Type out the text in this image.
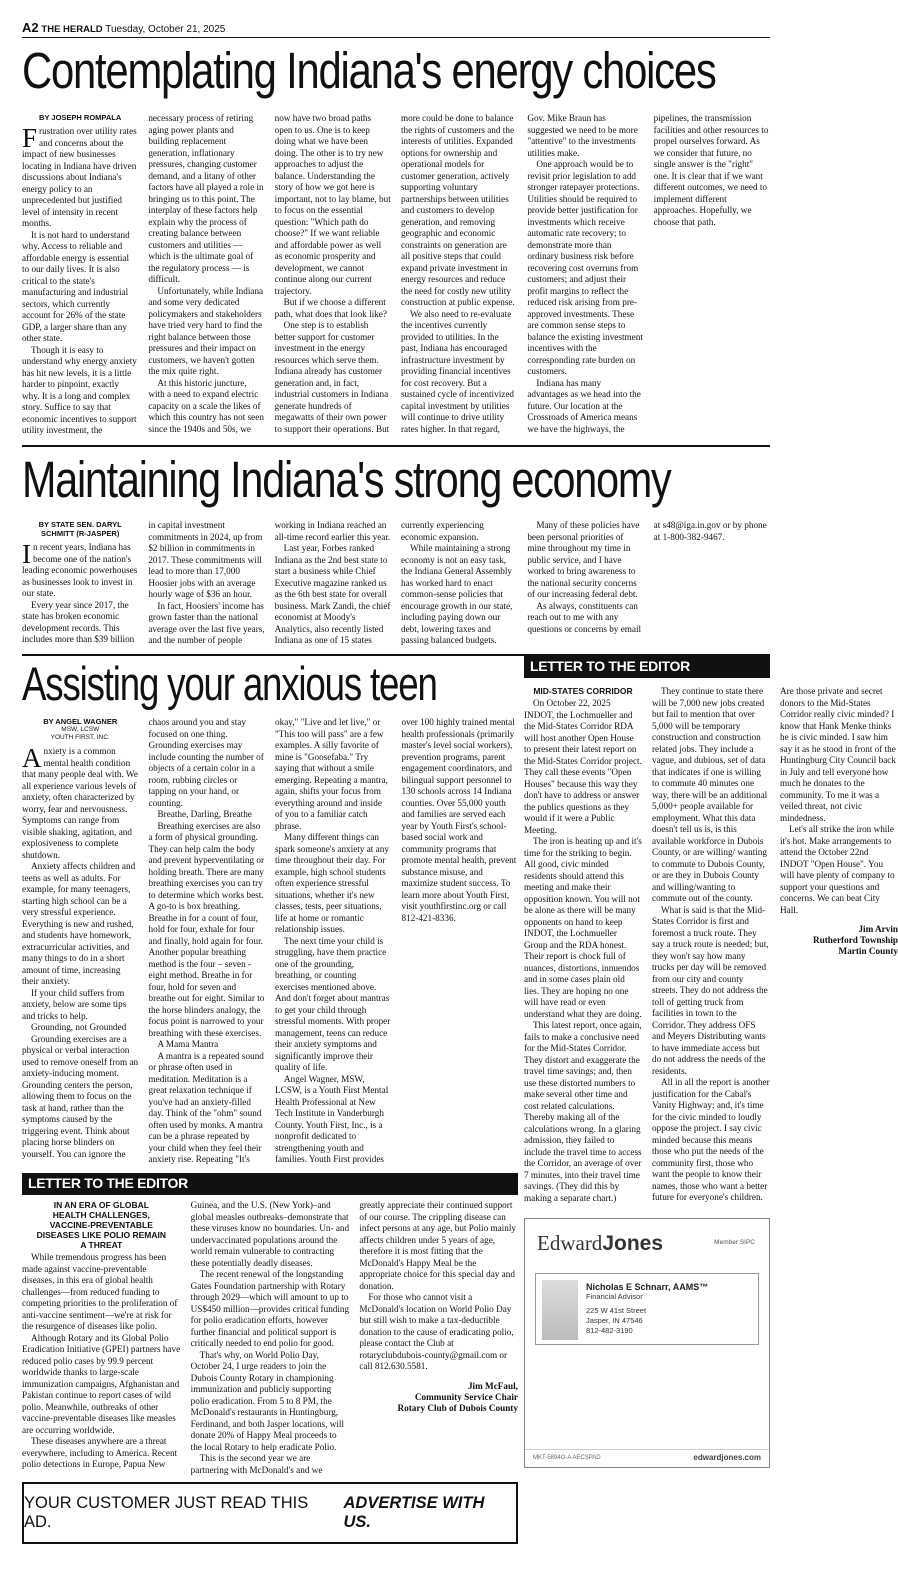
A2 THE HERALD Tuesday, October 21, 2025
Contemplating Indiana's energy choices
BY JOSEPH ROMPALA

Frustration over utility rates and concerns about the impact of new businesses locating in Indiana have driven discussions about Indiana's energy policy to an unprecedented but justified level of intensity in recent months.

It is not hard to understand why. Access to reliable and affordable energy is essential to our daily lives. It is also critical to the state's manufacturing and industrial sectors, which currently account for 26% of the state GDP, a larger share than any other state.

Though it is easy to understand why energy anxiety has hit new levels, it is a little harder to pinpoint, exactly why. It is a long and complex story. Suffice to say that economic incentives to support utility investment, the necessary process of retiring aging power plants and building replacement generation, inflationary pressures, changing customer demand, and a litany of other factors have all played a role in bringing us to this point. The interplay of these factors help explain why the process of creating balance between customers and utilities — which is the ultimate goal of the regulatory process — is difficult.

Unfortunately, while Indiana and some very dedicated policymakers and stakeholders have tried very hard to find the right balance between those pressures and their impact on customers, we haven't gotten the mix quite right.

At this historic juncture, with a need to expand electric capacity on a scale the likes of which this country has not seen since the 1940s and 50s, we now have two broad paths open to us. One is to keep doing what we have been doing. The other is to try new approaches to adjust the balance. Understanding the story of how we got here is important, not to lay blame, but to focus on the essential question: "Which path do choose?" If we want reliable and affordable power as well as economic prosperity and development, we cannot continue along our current trajectory.

But if we choose a different path, what does that look like?

One step is to establish better support for customer investment in the energy resources which serve them. Indiana already has customer generation and, in fact, industrial customers in Indiana generate hundreds of megawatts of their own power to support their operations. But more could be done to balance the rights of customers and the interests of utilities. Expanded options for ownership and operational models for customer generation, actively supporting voluntary partnerships between utilities and customers to develop generation, and removing geographic and economic constraints on generation are all positive steps that could expand private investment in energy resources and reduce the need for costly new utility construction at public expense.

We also need to re-evaluate the incentives currently provided to utilities. In the past, Indiana has encouraged infrastructure investment by providing financial incentives for cost recovery. But a sustained cycle of incentivized capital investment by utilities will continue to drive utility rates higher. In that regard, Gov. Mike Braun has suggested we need to be more "attentive" to the investments utilities make.

One approach would be to revisit prior legislation to add stronger ratepayer protections. Utilities should be required to provide better justification for investments which receive automatic rate recovery; to demonstrate more than ordinary business risk before recovering cost overruns from customers; and adjust their profit margins to reflect the reduced risk arising from pre-approved investments. These are common sense steps to balance the existing investment incentives with the corresponding rate burden on customers.

Indiana has many advantages as we head into the future. Our location at the Crossroads of America means we have the highways, the pipelines, the transmission facilities and other resources to propel ourselves forward. As we consider that future, no single answer is the "right" one. It is clear that if we want different outcomes, we need to implement different approaches. Hopefully, we choose that path.

Maintaining Indiana's strong economy
BY STATE SEN. DARYL SCHMITT (R-JASPER)

In recent years, Indiana has become one of the nation's leading economic powerhouses as businesses look to invest in our state.

Every year since 2017, the state has broken economic development records. This includes more than $39 billion in capital investment commitments in 2024, up from $2 billion in commitments in 2017. These commitments will lead to more than 17,000 Hoosier jobs with an average hourly wage of $36 an hour.

In fact, Hoosiers' income has grown faster than the national average over the last five years, and the number of people working in Indiana reached an all-time record earlier this year.

Last year, Forbes ranked Indiana as the 2nd best state to start a business while Chief Executive magazine ranked us as the 6th best state for overall business. Mark Zandi, the chief economist at Moody's Analytics, also recently listed Indiana as one of 15 states currently experiencing economic expansion.

While maintaining a strong economy is not an easy task, the Indiana General Assembly has worked hard to enact common-sense policies that encourage growth in our state, including paying down our debt, lowering taxes and passing balanced budgets.

Many of these policies have been personal priorities of mine throughout my time in public service, and I have worked to bring awareness to the national security concerns of our increasing federal debt.

As always, constituents can reach out to me with any questions or concerns by email at s48@iga.in.gov or by phone at 1-800-382-9467.

Assisting your anxious teen
BY ANGEL WAGNER
MSW, LCSW
YOUTH FIRST, INC.

Anxiety is a common mental health condition that many people deal with. We all experience various levels of anxiety, often characterized by worry, fear and nervousness. Symptoms can range from visible shaking, agitation, and explosiveness to complete shutdown.

Anxiety affects children and teens as well as adults. For example, for many teenagers, starting high school can be a very stressful experience. Everything is new and rushed, and students have homework, extracurricular activities, and many things to do in a short amount of time, increasing their anxiety.

If your child suffers from anxiety, below are some tips and tricks to help.

Grounding, not Grounded

Grounding exercises are a physical or verbal interaction used to remove oneself from an anxiety-inducing moment. Grounding centers the person, allowing them to focus on the task at hand, rather than the symptoms caused by the triggering event. Think about placing horse blinders on yourself. You can ignore the chaos around you and stay focused on one thing. Grounding exercises may include counting the number of objects of a certain color in a room, rubbing circles or tapping on your hand, or counting.

Breathe, Darling, Breathe

Breathing exercises are also a form of physical grounding. They can help calm the body and prevent hyperventilating or holding breath. There are many breathing exercises you can try to determine which works best. A go-to is box breathing. Breathe in for a count of four, hold for four, exhale for four and finally, hold again for four. Another popular breathing method is the four – seven - eight method. Breathe in for four, hold for seven and breathe out for eight. Similar to the horse blinders analogy, the focus point is narrowed to your breathing with these exercises.

A Mama Mantra

A mantra is a repeated sound or phrase often used in meditation. Meditation is a great relaxation technique if you've had an anxiety-filled day. Think of the "ohm" sound often used by monks. A mantra can be a phrase repeated by your child when they feel their anxiety rise. Repeating "It's okay," "Live and let live," or "This too will pass" are a few examples. A silly favorite of mine is "Goosefaba." Try saying that without a smile emerging. Repeating a mantra, again, shifts your focus from everything around and inside of you to a familiar catch phrase.

Many different things can spark someone's anxiety at any time throughout their day. For example, high school students often experience stressful situations, whether it's new classes, tests, peer situations, life at home or romantic relationship issues.

The next time your child is struggling, have them practice one of the grounding, breathing, or counting exercises mentioned above. And don't forget about mantras to get your child through stressful moments. With proper management, teens can reduce their anxiety symptoms and significantly improve their quality of life.

Angel Wagner, MSW, LCSW, is a Youth First Mental Health Professional at New Tech Institute in Vanderburgh County. Youth First, Inc., is a nonprofit dedicated to strengthening youth and families. Youth First provides over 100 highly trained mental health professionals (primarily master's level social workers), prevention programs, parent engagement coordinators, and bilingual support personnel to 130 schools across 14 Indiana counties. Over 55,000 youth and families are served each year by Youth First's school-based social work and community programs that promote mental health, prevent substance misuse, and maximize student success. To learn more about Youth First, visit youthfirstinc.org or call 812-421-8336.

LETTER TO THE EDITOR
MID-STATES CORRIDOR

On October 22, 2025 INDOT, the Lochmueller and the Mid-States Corridor RDA will host another Open House to present their latest report on the Mid-States Corridor project. They call these events "Open Houses" because this way they don't have to address or answer the publics questions as they would if it were a Public Meeting.

The iron is heating up and it's time for the striking to begin. All good, civic minded residents should attend this meeting and make their opposition known. You will not be alone as there will be many opponents on hand to keep INDOT, the Lochmueller Group and the RDA honest. Their report is chock full of nuances, distortions, innuendos and in some cases plain old lies. They are hoping no one will have read or even understand what they are doing.

This latest report, once again, fails to make a conclusive need for the Mid-States Corridor. They distort and exaggerate the travel time savings; and, then use these distorted numbers to make several other time and cost related calculations. Thereby making all of the calculations wrong. In a glaring admission, they failed to include the travel time to access the Corridor, an average of over 7 minutes, into their travel time savings. (They did this by making a separate chart.)

They continue to state there will be 7,000 new jobs created but fail to mention that over 5,000 will be temporary construction and construction related jobs. They include a vague, and dubious, set of data that indicates if one is willing to commute 40 minutes one way, there will be an additional 5,000+ people available for employment. What this data doesn't tell us is, is this available workforce in Dubois County, or are willing/ wanting to commute to Dubois County, or are they in Dubois County and willing/wanting to commute out of the county.

What is said is that the Mid-States Corridor is first and foremost a truck route. They say a truck route is needed; but, they won't say how many trucks per day will be removed from our city and county streets. They do not address the toll of getting truck from facilities in town to the Corridor. They address OFS and Meyers Distributing wants to have immediate access but do not address the needs of the residents.

All in all the report is another justification for the Cabal's Vanity Highway; and, it's time for the civic minded to loudly oppose the project. I say civic minded because this means those who put the needs of the community first, those who want the people to know their names, those who want a better future for everyone's children. Are those private and secret donors to the Mid-States Corridor really civic minded? I know that Hank Menke thinks he is civic minded. I saw him say it as he stood in front of the Huntingburg City Council back in July and tell everyone how much he donates to the community. To me it was a veiled threat, not civic mindedness.

Let's all strike the iron while it's hot. Make arrangements to attend the October 22nd INDOT "Open House". You will have plenty of company to support your questions and concerns. We can beat City Hall.

Jim Arvin
Rutherford Township
Martin County
LETTER TO THE EDITOR
IN AN ERA OF GLOBAL HEALTH CHALLENGES, VACCINE-PREVENTABLE DISEASES LIKE POLIO REMAIN A THREAT

While tremendous progress has been made against vaccine-preventable diseases, in this era of global health challenges—from reduced funding to competing priorities to the proliferation of anti-vaccine sentiment—we're at risk for the resurgence of diseases like polio.

Although Rotary and its Global Polio Eradication Initiative (GPEI) partners have reduced polio cases by 99.9 percent worldwide thanks to large-scale immunization campaigns, Afghanistan and Pakistan continue to report cases of wild polio. Meanwhile, outbreaks of other vaccine-preventable diseases like measles are occurring worldwide.

These diseases anywhere are a threat everywhere, including to America. Recent polio detections in Europe, Papua New Guinea, and the U.S. (New York)–and global measles outbreaks–demonstrate that these viruses know no boundaries. Un- and undervaccinated populations around the world remain vulnerable to contracting these potentially deadly diseases.

The recent renewal of the longstanding Gates Foundation partnership with Rotary through 2029—which will amount to up to US$450 million—provides critical funding for polio eradication efforts, however further financial and political support is critically needed to end polio for good.

That's why, on World Polio Day, October 24, I urge readers to join the Dubois County Rotary in championing immunization and publicly supporting polio eradication. From 5 to 8 PM, the McDonald's restaurants in Huntingburg, Ferdinand, and both Jasper locations, will donate 20% of Happy Meal proceeds to the local Rotary to help eradicate Polio.

This is the second year we are partnering with McDonald's and we greatly appreciate their continued support of our course. The crippling disease can infect persons at any age, but Polio mainly affects children under 5 years of age, therefore it is most fitting that the McDonald's Happy Meal be the appropriate choice for this special day and donation.

For those who cannot visit a McDonald's location on World Polio Day but still wish to make a tax-deductible donation to the cause of eradicating polio, please contact the Club at rotaryclubdubois-county@gmail.com or call 812.630.5581.

Jim McFaul,
Community Service Chair
Rotary Club of Dubois County
EdwardJones	Member SIPC
Nicholas E Schnarr, AAMS™
Financial Advisor
225 W 41st Street
Jasper, IN 47546
812-482-3190
edwardjones.com
MKT-5894O-A AECSPAD
YOUR CUSTOMER JUST READ THIS AD.
ADVERTISE WITH US.
